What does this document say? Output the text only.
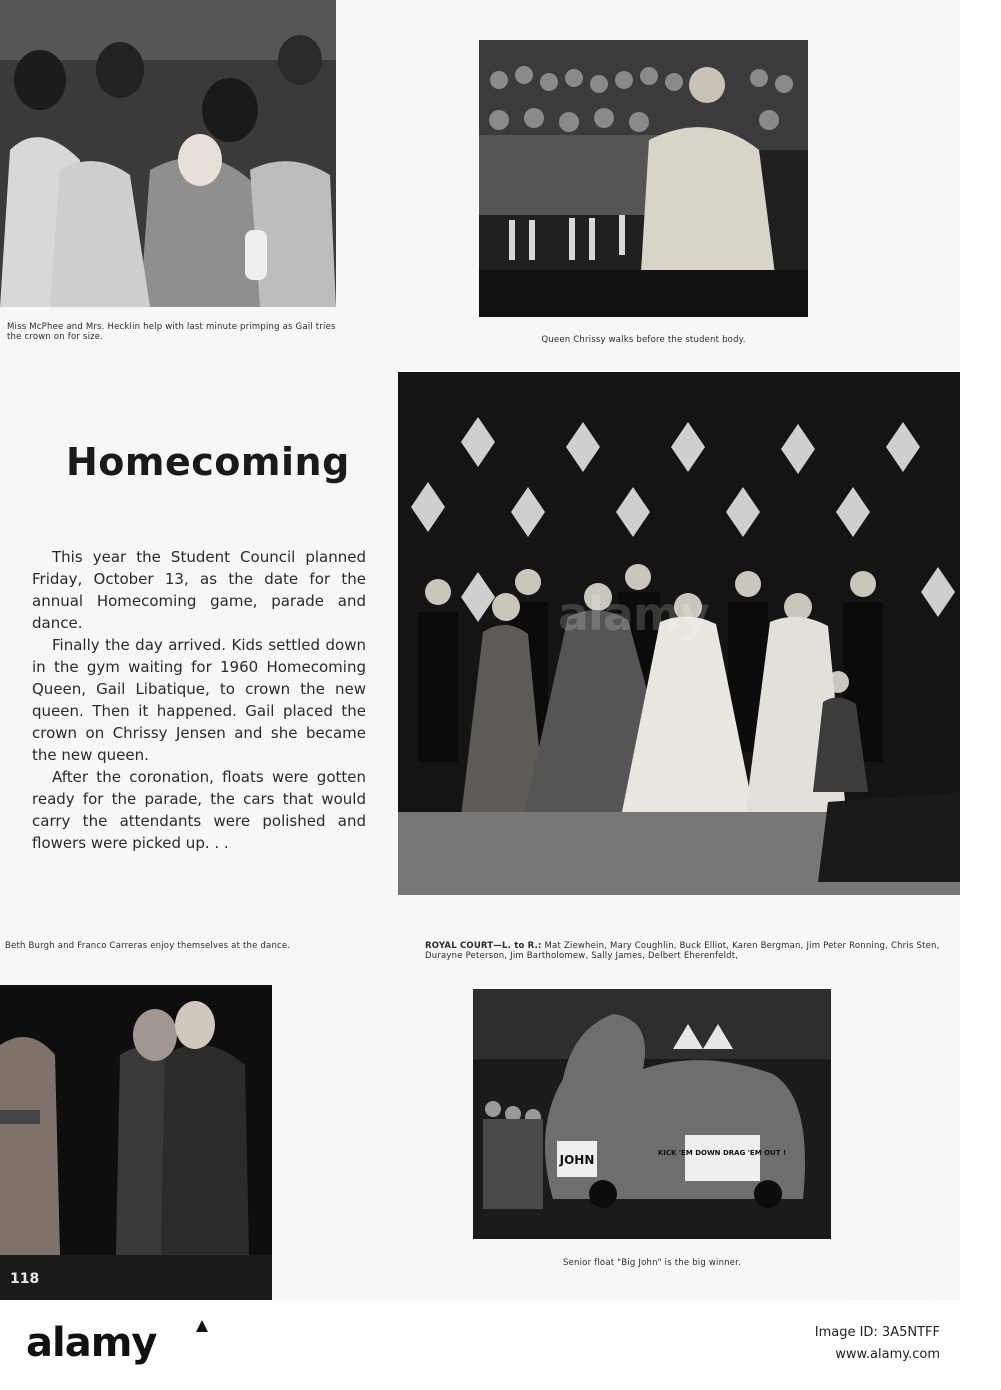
Miss McPhee and Mrs. Hecklin help with last minute primping as Gail tries the crown on for size.	Queen Chrissy walks before the student body.
Homecoming

This year the Student Council planned Friday, October 13, as the date for the annual Homecoming game, parade and dance.

Finally the day arrived. Kids settled down in the gym waiting for 1960 Homecoming Queen, Gail Libatique, to crown the new queen. Then it happened. Gail placed the crown on Chrissy Jensen and she became the new queen.

After the coronation, floats were gotten ready for the parade, the cars that would carry the attendants were polished and flowers were picked up. . .

ROYAL COURT—L. to R.: Mat Ziewhein, Mary Coughlin, Buck Elliot, Karen Bergman, Jim Peter Ronning, Chris Sten, Durayne Peterson, Jim Bartholomew, Sally James, Delbert Eherenfeldt,
Beth Burgh and Franco Carreras enjoy themselves at the dance.
118
JOHN	KICK 'EM DOWN DRAG 'EM OUT !
Senior float "Big John" is the big winner.
alamy
alamy	Image ID: 3A5NTFF
www.alamy.com
